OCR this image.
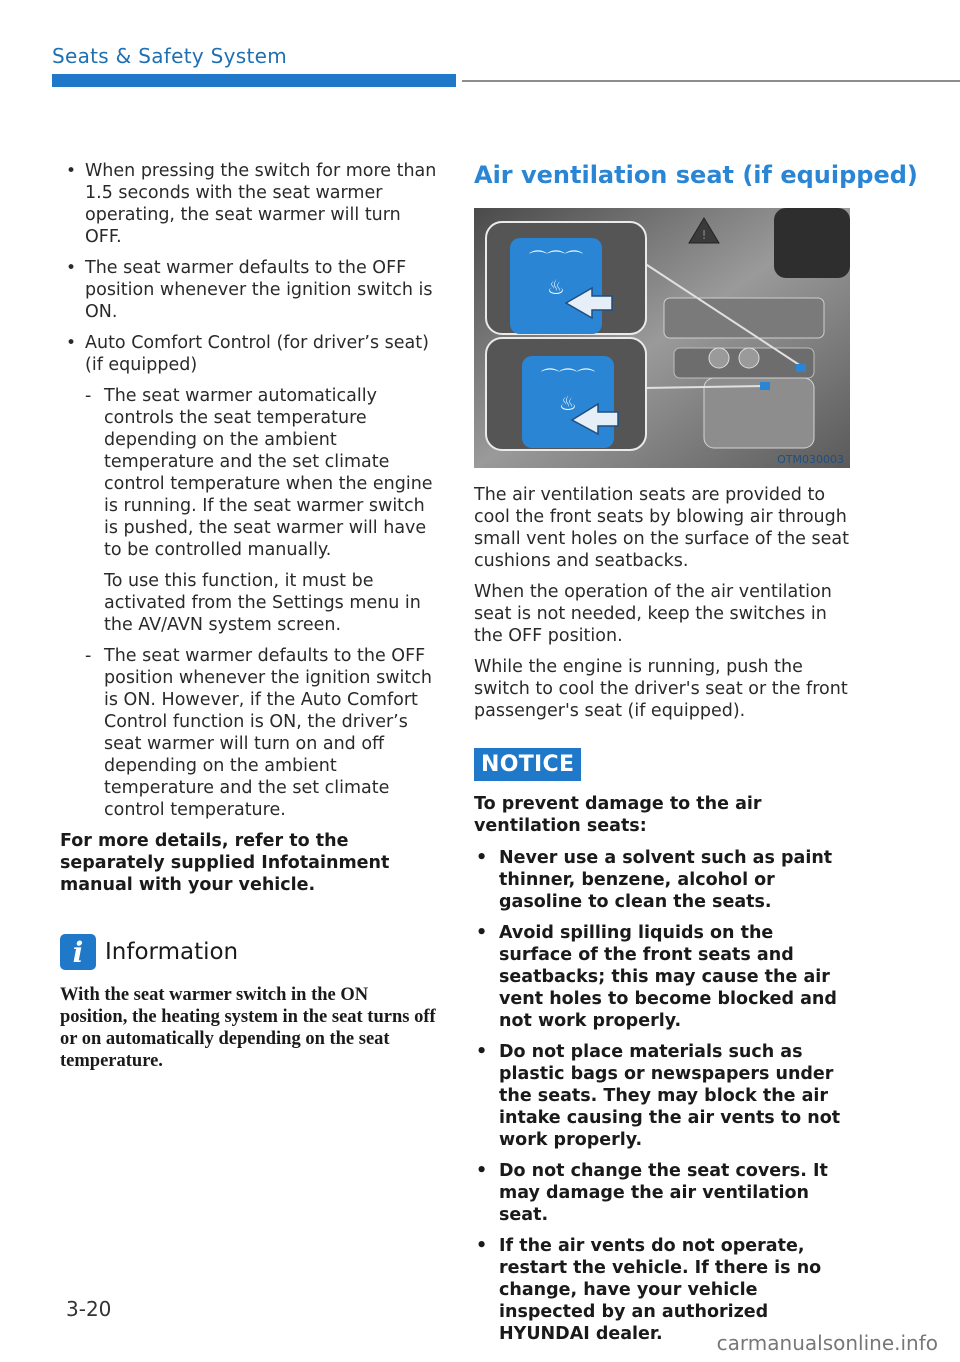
Seats & Safety System
• When pressing the switch for more than 1.5 seconds with the seat warmer operating, the seat warmer will turn OFF.
• The seat warmer defaults to the OFF position whenever the ignition switch is ON.
• Auto Comfort Control (for driver’s seat) (if equipped)
- The seat warmer automatically controls the seat temperature depending on the ambient temperature and the set climate control temperature when the engine is running. If the seat warmer switch is pushed, the seat warmer will have to be controlled manually.

To use this function, it must be activated from the Settings menu in the AV/AVN system screen.

- The seat warmer defaults to the OFF position whenever the ignition switch is ON. However, if the Auto Comfort Control function is ON, the driver’s seat warmer will turn on and off depending on the ambient temperature and the set climate control temperature.

For more details, refer to the separately supplied Infotainment manual with your vehicle.

i Information
With the seat warmer switch in the ON position, the heating system in the seat turns off or on automatically depending on the seat temperature.
Air ventilation seat (if equipped)
!
⌒⌒⌒
♨
⌒⌒⌒
♨
OTM030003

The air ventilation seats are provided to cool the front seats by blowing air through small vent holes on the surface of the seat cushions and seatbacks.

When the operation of the air ventilation seat is not needed, keep the switches in the OFF position.

While the engine is running, push the switch to cool the driver's seat or the front passenger's seat (if equipped).

NOTICE

To prevent damage to the air ventilation seats:

• Never use a solvent such as paint thinner, benzene, alcohol or gasoline to clean the seats.
• Avoid spilling liquids on the surface of the front seats and seatbacks; this may cause the air vent holes to become blocked and not work properly.
• Do not place materials such as plastic bags or newspapers under the seats. They may block the air intake causing the air vents to not work properly.
• Do not change the seat covers. It may damage the air ventilation seat.
• If the air vents do not operate, restart the vehicle. If there is no change, have your vehicle inspected by an authorized HYUNDAI dealer.
3-20
carmanualsonline.info
